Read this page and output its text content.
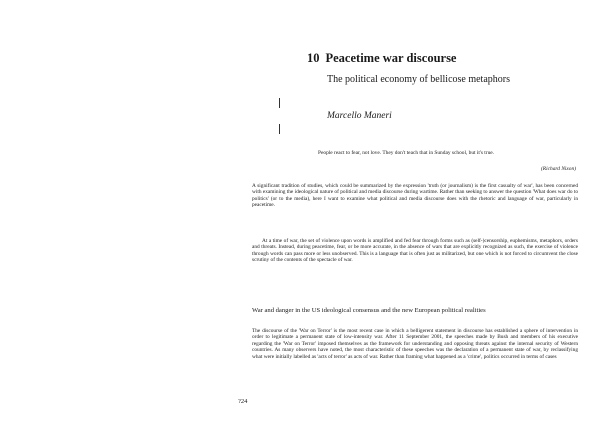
10 Peacetime war discourse
The political economy of bellicose metaphors
Marcello Maneri
People react to fear, not love. They don't teach that in Sunday school, but it's true.
(Richard Nixon)

A significant tradition of studies, which could be summarized by the expression 'truth (or journalism) is the first casualty of war', has been concerned with examining the ideological nature of political and media discourse during wartime. Rather than seeking to answer the question 'What does war do to politics' (or to the media), here I want to examine what political and media discourse does with the rhetoric and language of war, particularly in peacetime.

At a time of war, the set of violence upon words is amplified and fed fear through forms such as (self-)censorship, euphemisms, metaphors, orders and threats. Instead, during peacetime, fear, or be more accurate, in the absence of wars that are explicitly recognized as such, the exercise of violence through words can pass more or less unobserved. This is a language that is often just as militarized, but one which is not forced to circumvent the close scrutiny of the contents of the spectacle of war.

War and danger in the US ideological consensus and the new European political realities

The discourse of the 'War on Terror' is the most recent case in which a belligerent statement in discourse has established a sphere of intervention in order to legitimate a permanent state of low-intensity war. After 11 September 2001, the speeches made by Bush and members of his executive regarding the 'War on Terror' imposed themselves as the framework for understanding and opposing threats against the internal security of Western countries. As many observers have noted, the most characteristic of these speeches was the declaration of a permanent state of war, by reclassifying what were initially labelled as 'acts of terror' as acts of war. Rather than framing what happened as a 'crime', politics occurred in terms of cases

?24
